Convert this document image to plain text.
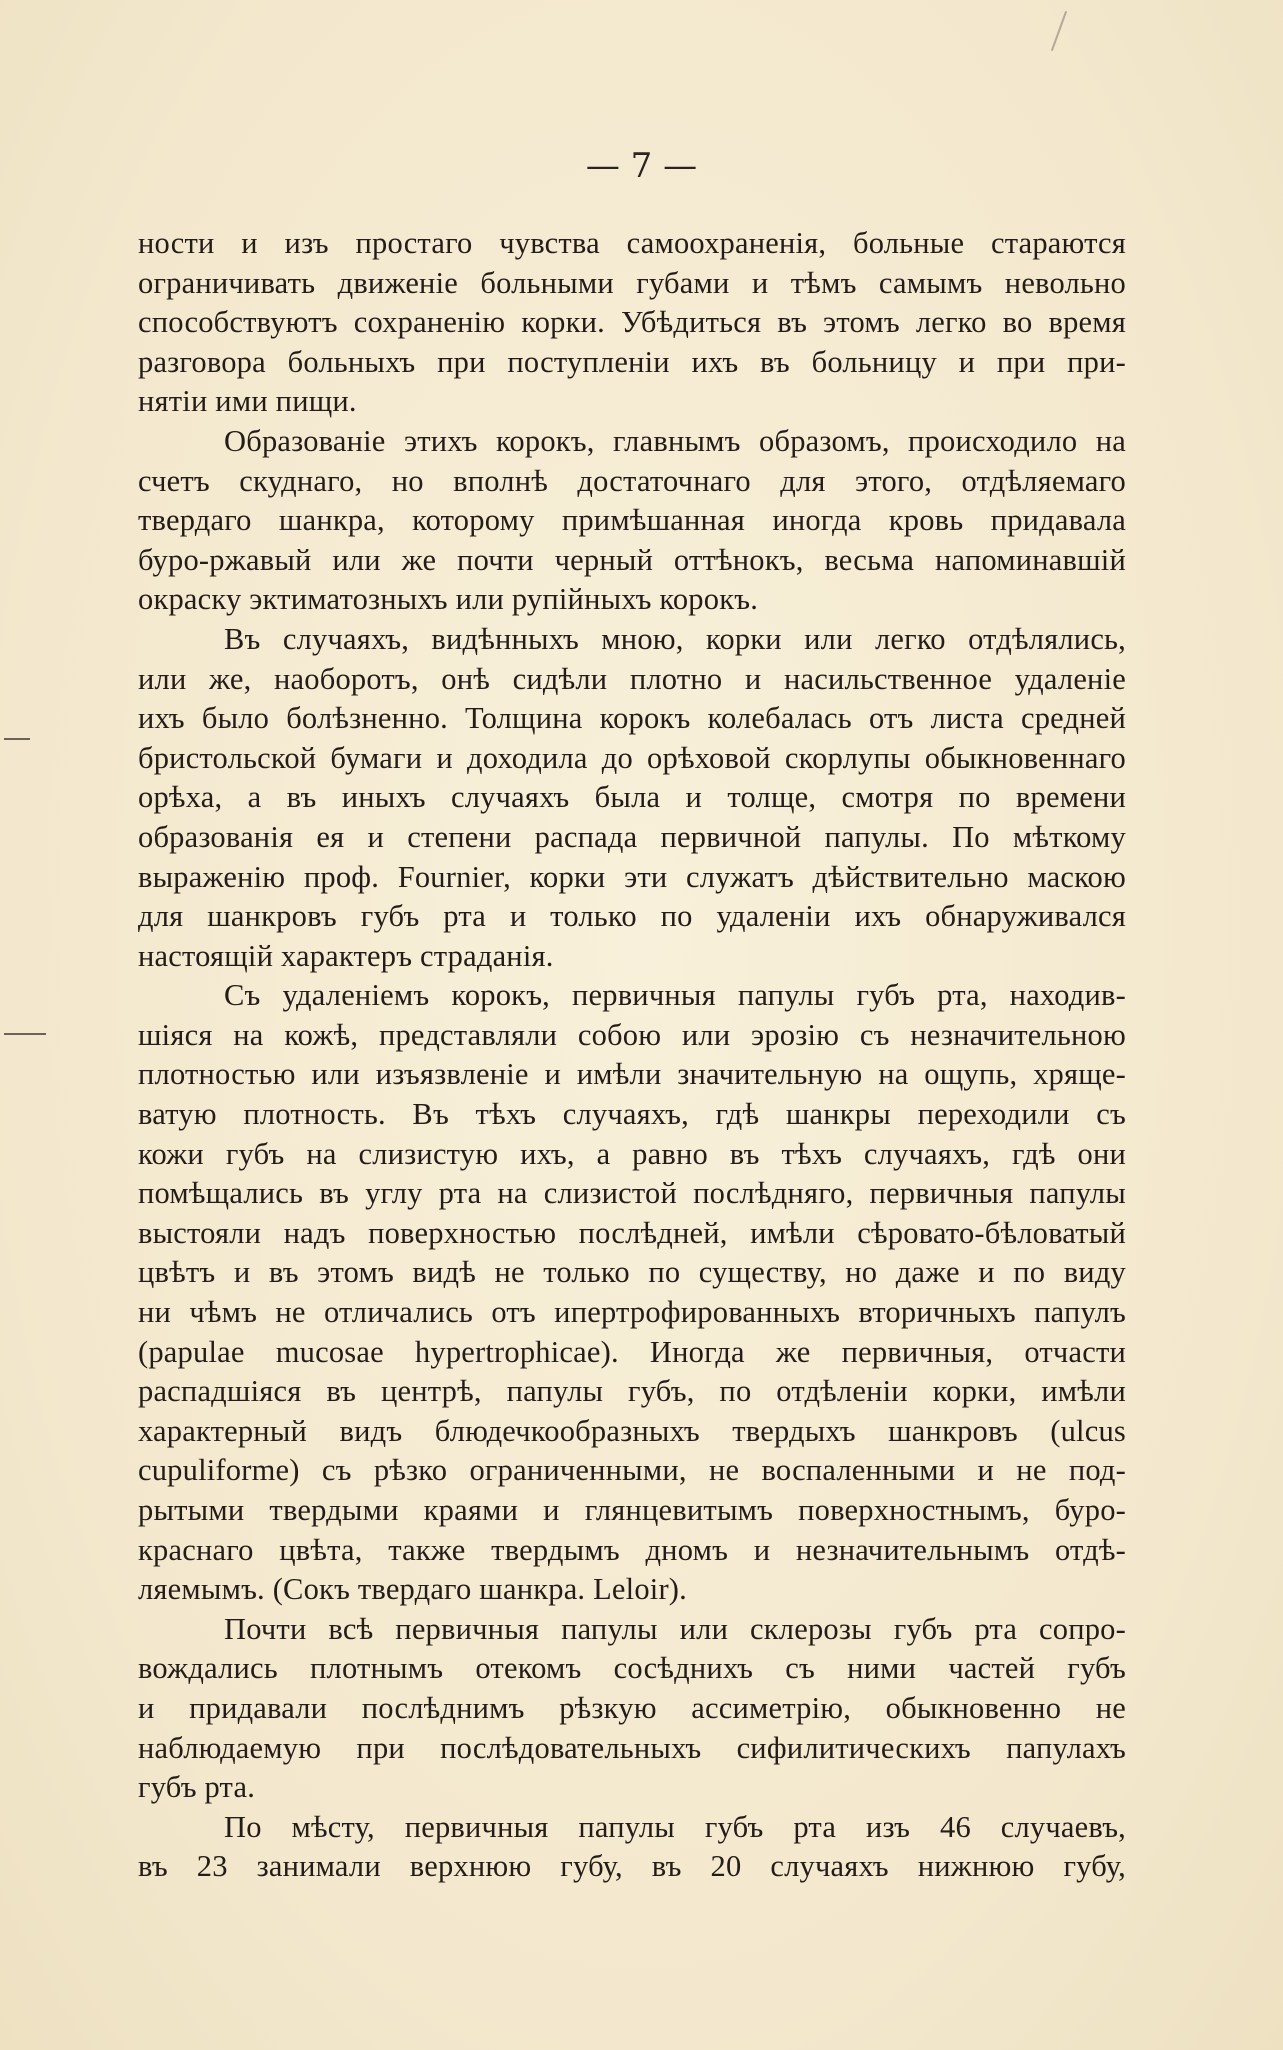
— 7 —
ности и изъ простаго чувства самоохраненія, больные стараются
ограничивать движеніе больными губами и тѣмъ самымъ невольно
способствуютъ сохраненію корки. Убѣдиться въ этомъ легко во время
разговора больныхъ при поступленіи ихъ въ больницу и при при-
нятіи ими пищи.
Образованіе этихъ корокъ, главнымъ образомъ, происходило на
счетъ скуднаго, но вполнѣ достаточнаго для этого, отдѣляемаго
твердаго шанкра, которому примѣшанная иногда кровь придавала
буро-ржавый или же почти черный оттѣнокъ, весьма напоминавшій
окраску эктиматозныхъ или рупійныхъ корокъ.
Въ случаяхъ, видѣнныхъ мною, корки или легко отдѣлялись,
или же, наоборотъ, онѣ сидѣли плотно и насильственное удаленіе
ихъ было болѣзненно. Толщина корокъ колебалась отъ листа средней
бристольской бумаги и доходила до орѣховой скорлупы обыкновеннаго
орѣха, а въ иныхъ случаяхъ была и толще, смотря по времени
образованія ея и степени распада первичной папулы. По мѣткому
выраженію проф. Fournier, корки эти служатъ дѣйствительно маскою
для шанкровъ губъ рта и только по удаленіи ихъ обнаруживался
настоящій характеръ страданія.
Съ удаленіемъ корокъ, первичныя папулы губъ рта, находив-
шіяся на кожѣ, представляли собою или эрозію съ незначительною
плотностью или изъязвленіе и имѣли значительную на ощупь, хряще-
ватую плотность. Въ тѣхъ случаяхъ, гдѣ шанкры переходили съ
кожи губъ на слизистую ихъ, а равно въ тѣхъ случаяхъ, гдѣ они
помѣщались въ углу рта на слизистой послѣдняго, первичныя папулы
выстояли надъ поверхностью послѣдней, имѣли сѣровато-бѣловатый
цвѣтъ и въ этомъ видѣ не только по существу, но даже и по виду
ни чѣмъ не отличались отъ ипертрофированныхъ вторичныхъ папулъ
(papulae mucosae hypertrophicae). Иногда же первичныя, отчасти
распадшіяся въ центрѣ, папулы губъ, по отдѣленіи корки, имѣли
характерный видъ блюдечкообразныхъ твердыхъ шанкровъ (ulcus
cupuliforme) съ рѣзко ограниченными, не воспаленными и не под-
рытыми твердыми краями и глянцевитымъ поверхностнымъ, буро-
краснаго цвѣта, также твердымъ дномъ и незначительнымъ отдѣ-
ляемымъ. (Сокъ твердаго шанкра. Leloir).
Почти всѣ первичныя папулы или склерозы губъ рта сопро-
вождались плотнымъ отекомъ сосѣднихъ съ ними частей губъ
и придавали послѣднимъ рѣзкую ассиметрію, обыкновенно не
наблюдаемую при послѣдовательныхъ сифилитическихъ папулахъ
губъ рта.
По мѣсту, первичныя папулы губъ рта изъ 46 случаевъ,
въ 23 занимали верхнюю губу, въ 20 случаяхъ нижнюю губу,
